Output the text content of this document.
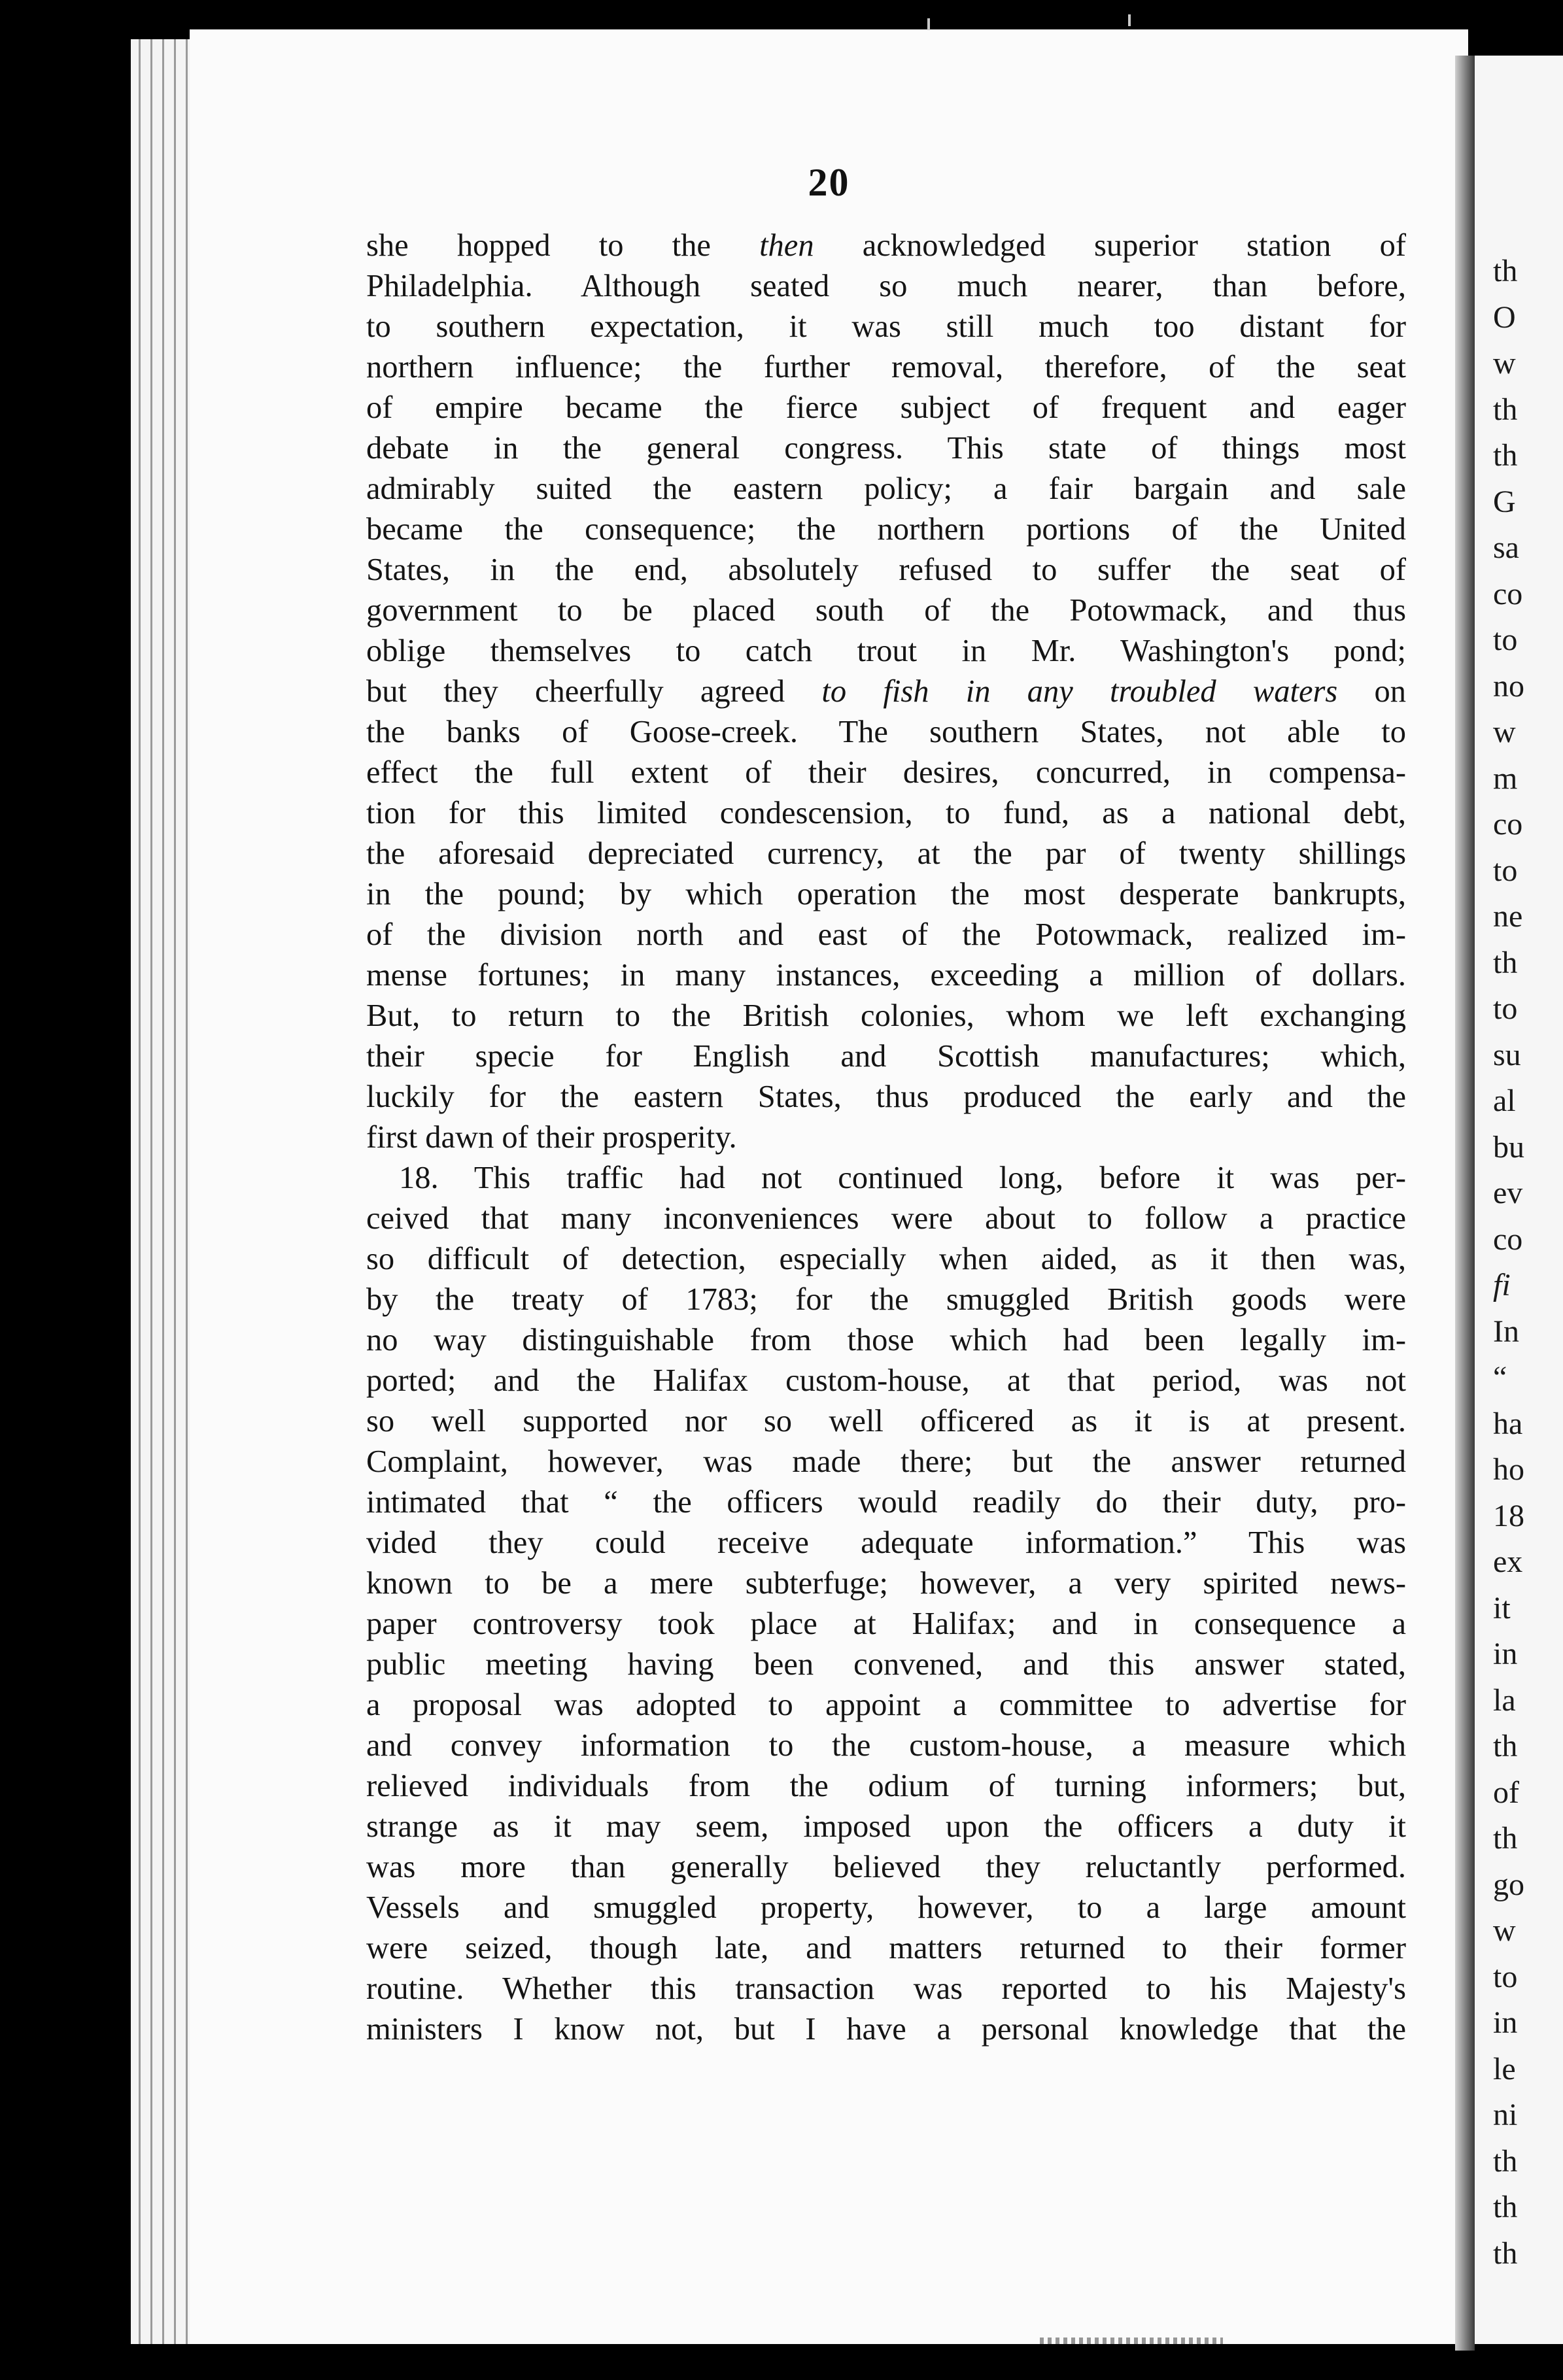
20
she hopped to the then acknowledged superior station of
Philadelphia. Although seated so much nearer, than before,
to southern expectation, it was still much too distant for
northern influence; the further removal, therefore, of the seat
of empire became the fierce subject of frequent and eager
debate in the general congress. This state of things most
admirably suited the eastern policy; a fair bargain and sale
became the consequence; the northern portions of the United
States, in the end, absolutely refused to suffer the seat of
government to be placed south of the Potowmack, and thus
oblige themselves to catch trout in Mr. Washington's pond;
but they cheerfully agreed to fish in any troubled waters on
the banks of Goose-creek. The southern States, not able to
effect the full extent of their desires, concurred, in compensa-
tion for this limited condescension, to fund, as a national debt,
the aforesaid depreciated currency, at the par of twenty shillings
in the pound; by which operation the most desperate bankrupts,
of the division north and east of the Potowmack, realized im-
mense fortunes; in many instances, exceeding a million of dollars.
But, to return to the British colonies, whom we left exchanging
their specie for English and Scottish manufactures; which,
luckily for the eastern States, thus produced the early and the
first dawn of their prosperity.
18. This traffic had not continued long, before it was per-
ceived that many inconveniences were about to follow a practice
so difficult of detection, especially when aided, as it then was,
by the treaty of 1783; for the smuggled British goods were
no way distinguishable from those which had been legally im-
ported; and the Halifax custom-house, at that period, was not
so well supported nor so well officered as it is at present.
Complaint, however, was made there; but the answer returned
intimated that “ the officers would readily do their duty, pro-
vided they could receive adequate information.” This was
known to be a mere subterfuge; however, a very spirited news-
paper controversy took place at Halifax; and in consequence a
public meeting having been convened, and this answer stated,
a proposal was adopted to appoint a committee to advertise for
and convey information to the custom-house, a measure which
relieved individuals from the odium of turning informers; but,
strange as it may seem, imposed upon the officers a duty it
was more than generally believed they reluctantly performed.
Vessels and smuggled property, however, to a large amount
were seized, though late, and matters returned to their former
routine. Whether this transaction was reported to his Majesty's
ministers I know not, but I have a personal knowledge that the
th
O
w
th
th
G
sa
co
to
no
w
m
co
to
ne
th
to
su
al
bu
ev
co
fi
In
“
ha
ho
18
ex
it
in
la
th
of
th
go
w
to
in
le
ni
th
th
th
